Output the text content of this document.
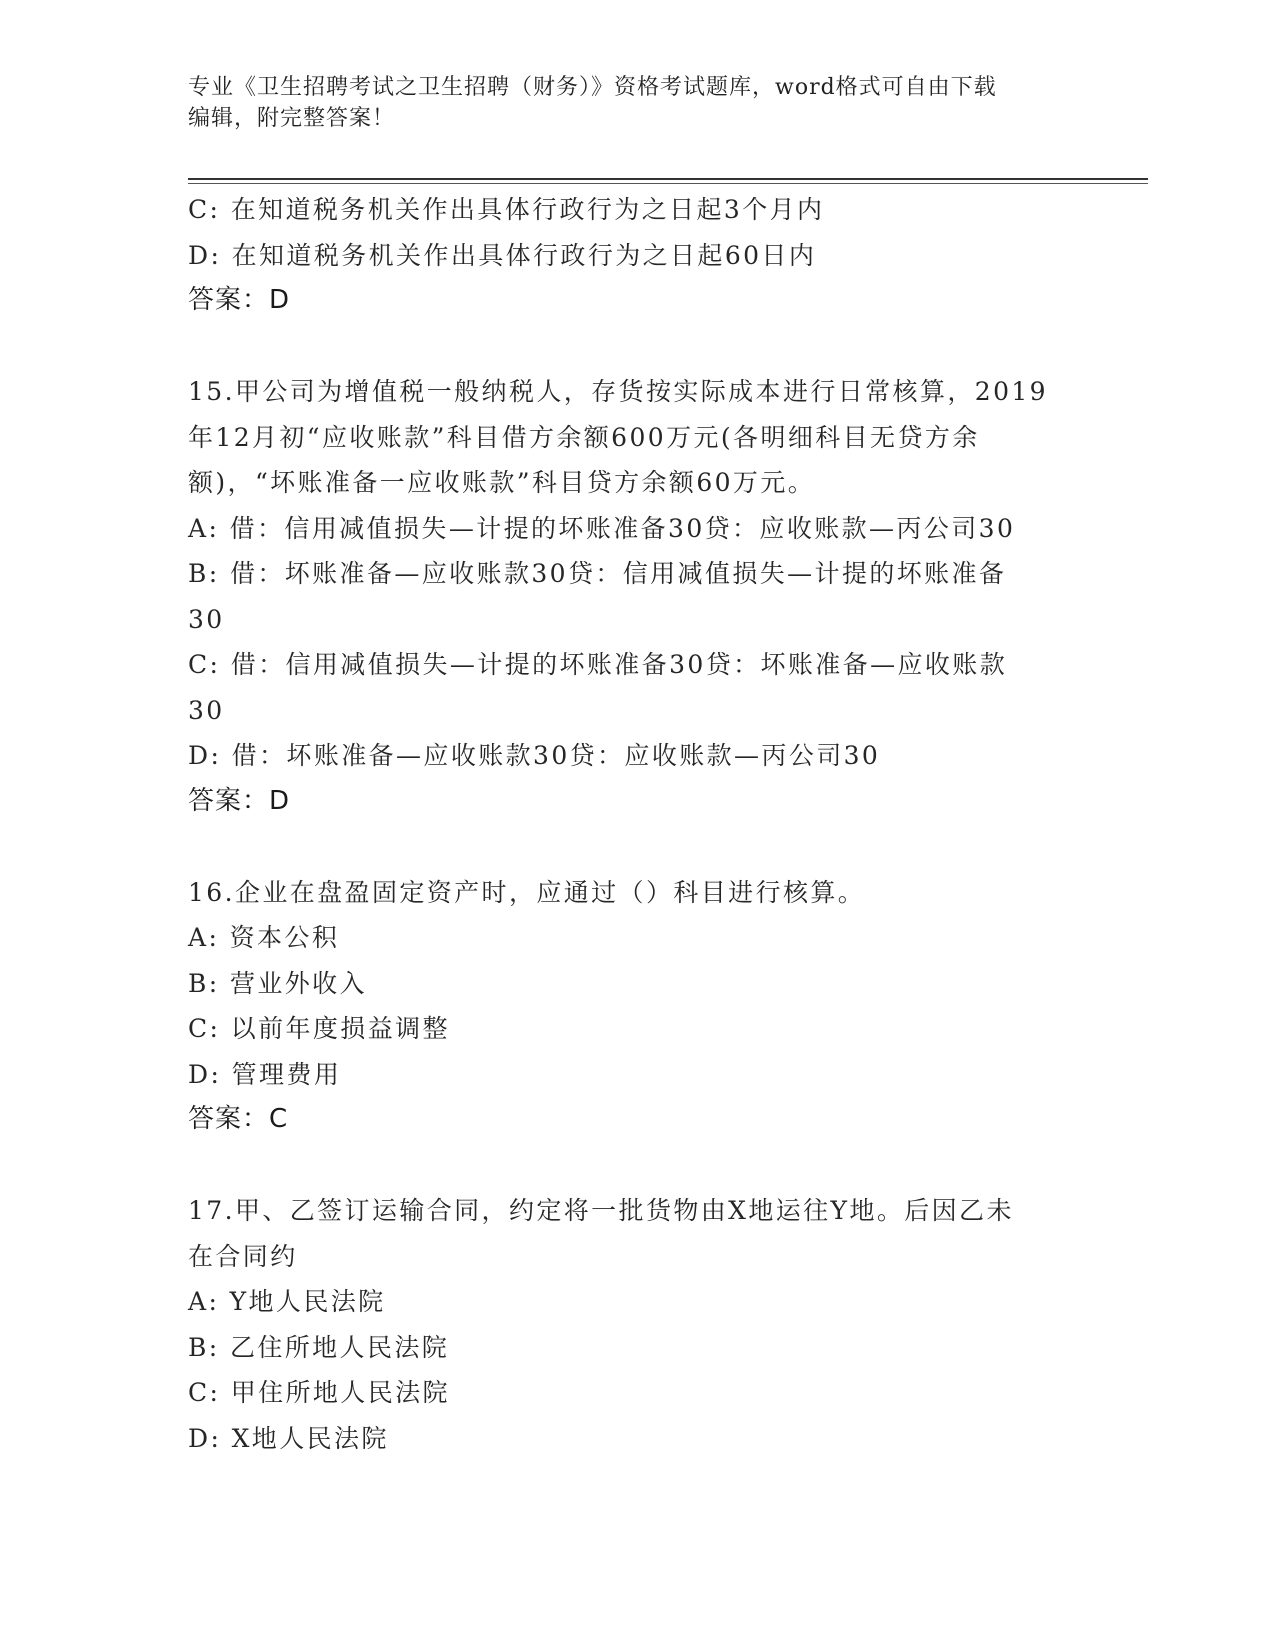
专业《卫生招聘考试之卫生招聘（财务）》资格考试题库，word格式可自由下载
编辑，附完整答案！
C: 在知道税务机关作出具体行政行为之日起3个月内
D: 在知道税务机关作出具体行政行为之日起60日内
答案：D
15.甲公司为增值税一般纳税人，存货按实际成本进行日常核算，2019
年12月初“应收账款”科目借方余额600万元(各明细科目无贷方余
额)，“坏账准备一应收账款”科目贷方余额60万元。
A: 借：信用减值损失—计提的坏账准备30贷：应收账款—丙公司30
B: 借：坏账准备—应收账款30贷：信用减值损失—计提的坏账准备
30
C: 借：信用减值损失—计提的坏账准备30贷：坏账准备—应收账款
30
D: 借：坏账准备—应收账款30贷：应收账款—丙公司30
答案：D
16.企业在盘盈固定资产时，应通过（）科目进行核算。
A: 资本公积
B: 营业外收入
C: 以前年度损益调整
D: 管理费用
答案：C
17.甲、乙签订运输合同，约定将一批货物由X地运往Y地。后因乙未
在合同约
A: Y地人民法院
B: 乙住所地人民法院
C: 甲住所地人民法院
D: X地人民法院
